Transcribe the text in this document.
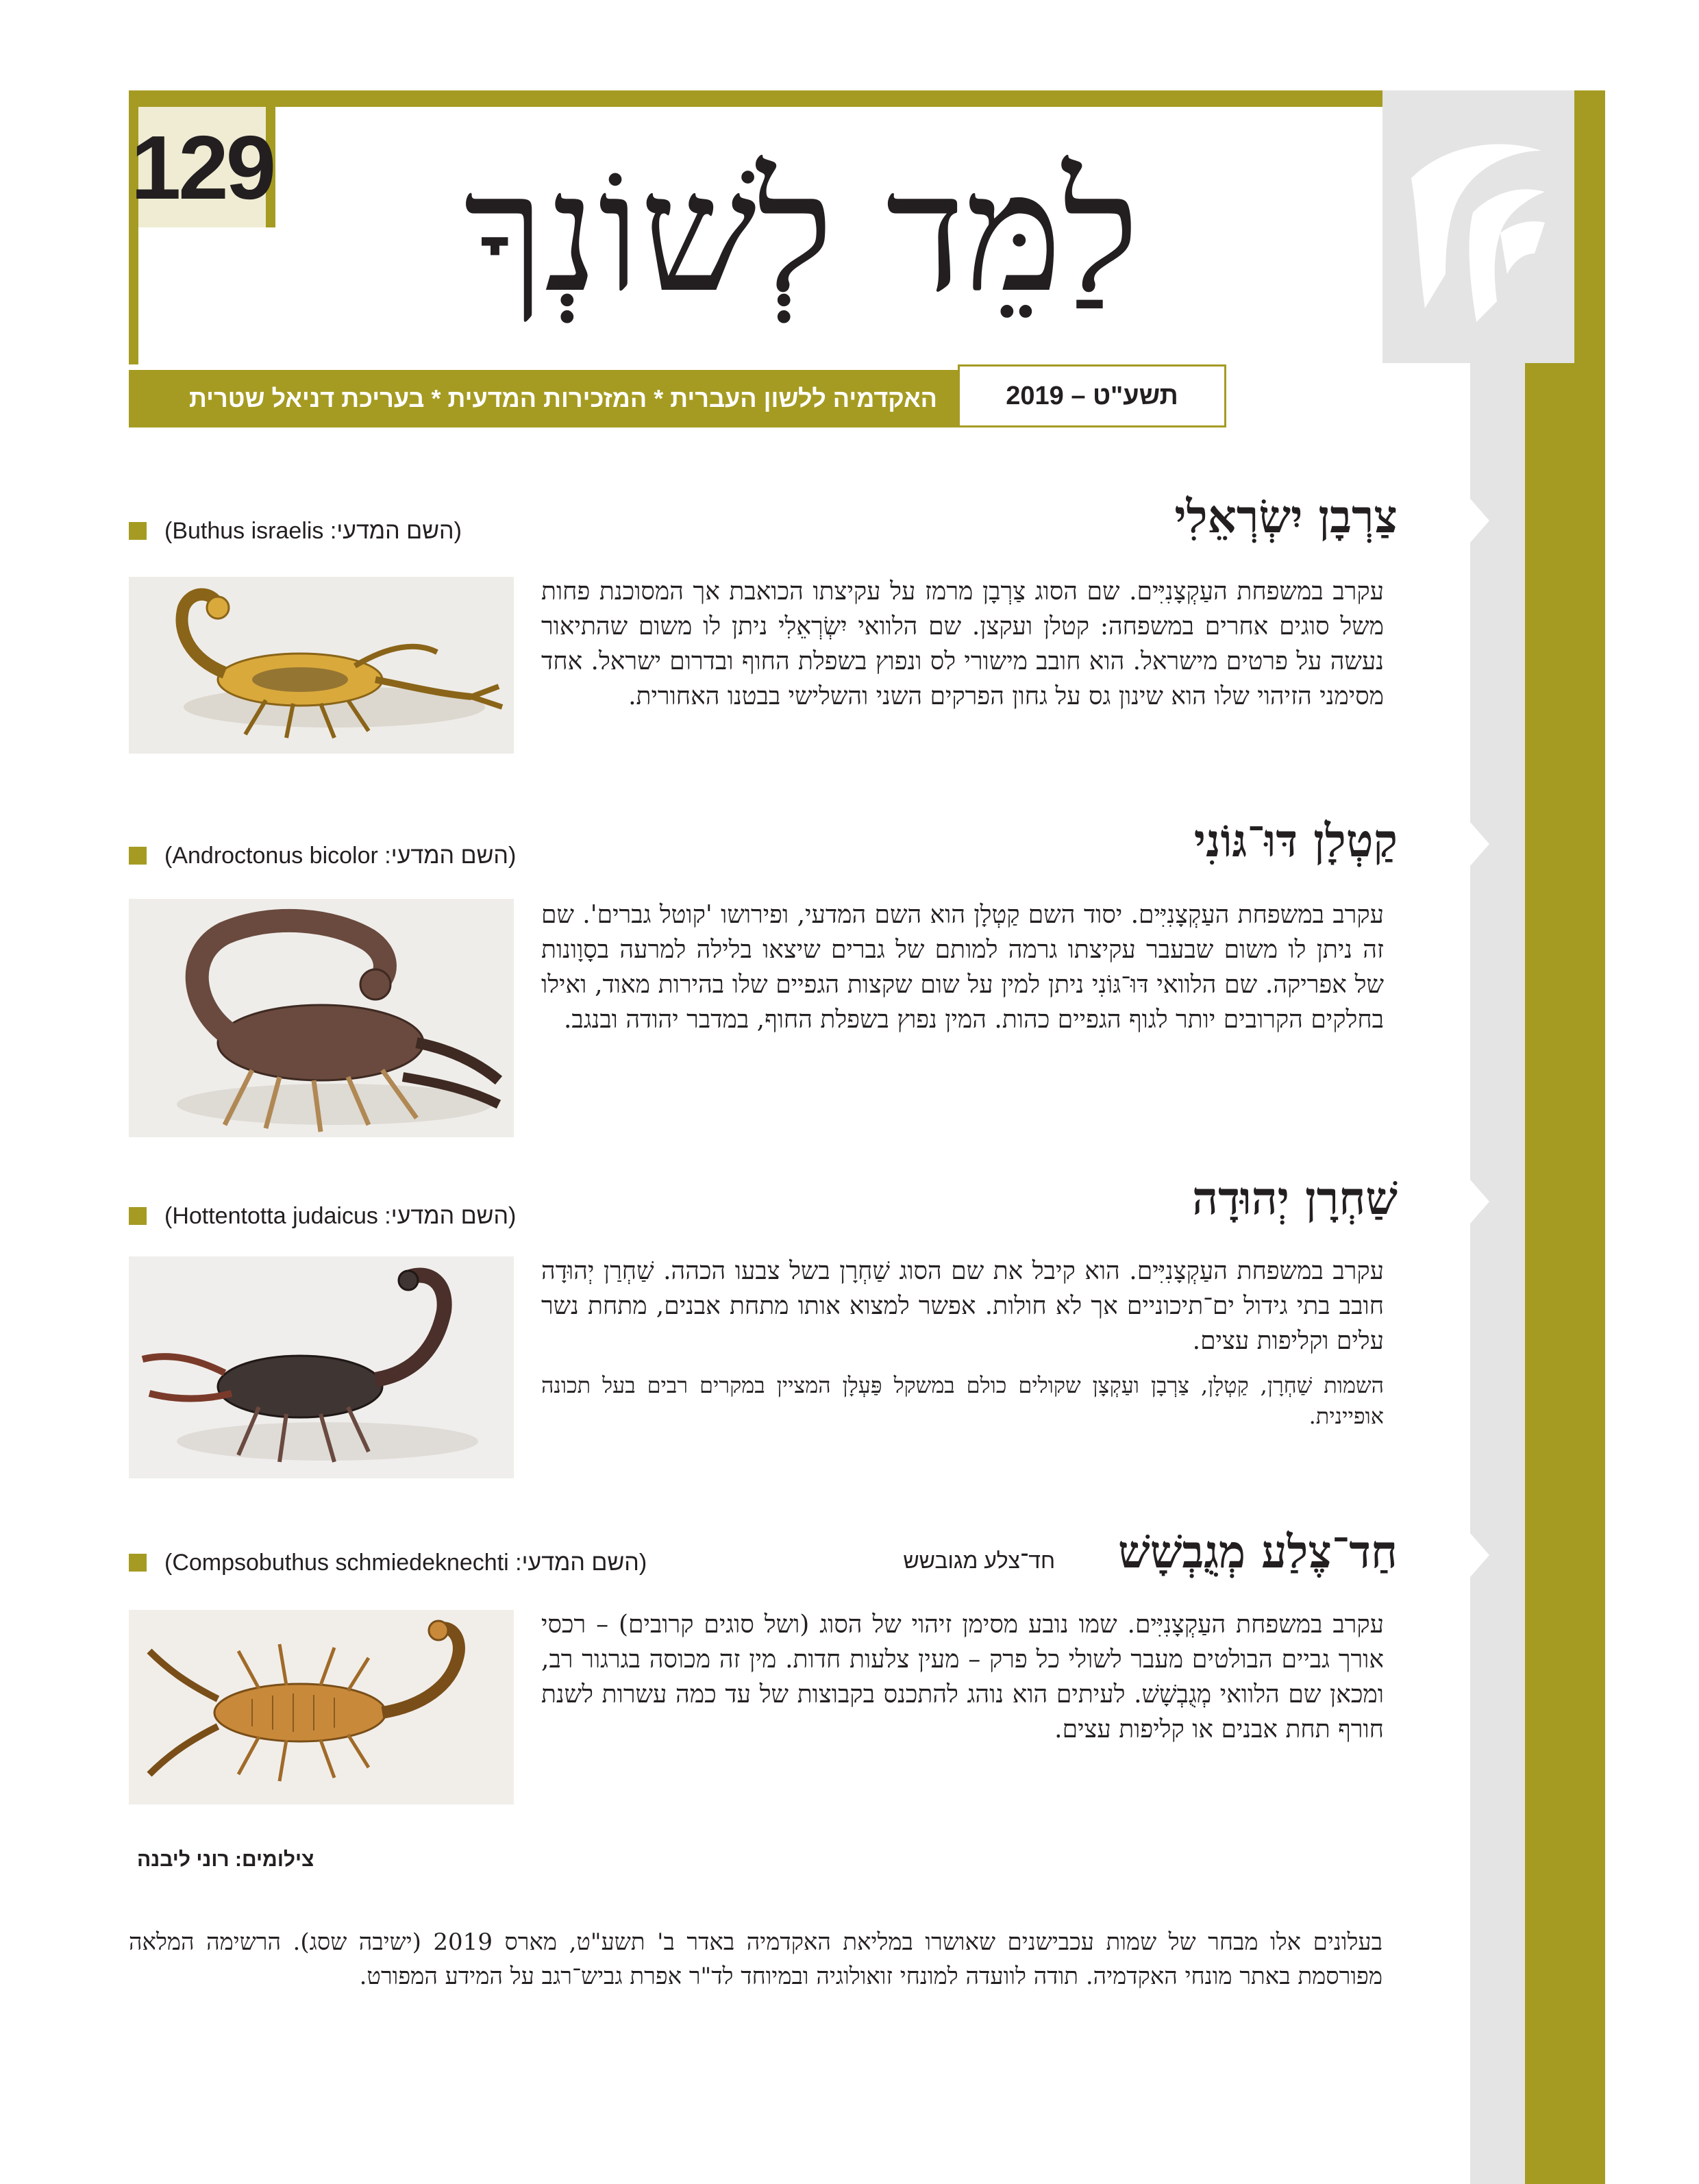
129	לַמֵּד לְשׁוֹנְךָ
האקדמיה ללשון העברית * המזכירות המדעית * בעריכת דניאל שטרית	תשע"ט – 2019
צַרְבָן יִשְׂרְאֵלִי
(השם המדעי: Buthus israelis)
עקרב במשפחת העַקְצָנִיִּים. שם הסוג צַרְבָן מרמז על עקיצתו הכואבת אך המסוכנת פחות משל סוגים אחרים במשפחה: קטלן ועקצן. שם הלוואי יִשְׂרְאֵלִי ניתן לו משום שהתיאור נעשה על פרטים מישראל. הוא חובב מישורי לס ונפוץ בשפלת החוף ובדרום ישראל. אחד מסימני הזיהוי שלו הוא שינון גס על גחון הפרקים השני והשלישי בבטנו האחורית.
קַטְלָן דּוּ־גּוֹנִי
(השם המדעי: Androctonus bicolor)
עקרב במשפחת העַקְצָנִיִּים. יסוד השם קַטְלָן הוא השם המדעי, ופירושו 'קוטל גברים'. שם זה ניתן לו משום שבעבר עקיצתו גרמה למותם של גברים שיצאו בלילה למרעה בסָוָונות של אפריקה. שם הלוואי דּוּ־גּוֹנִי ניתן למין על שום שקצות הגפיים שלו בהירות מאוד, ואילו בחלקים הקרובים יותר לגוף הגפיים כהות. המין נפוץ בשפלת החוף, במדבר יהודה ובנגב.
שַׁחְרָן יְהוּדָה
(השם המדעי: Hottentotta judaicus)
עקרב במשפחת העַקְצָנִיִּים. הוא קיבל את שם הסוג שַׁחְרָן בשל צבעו הכהה. שַׁחְרַן יְהוּדָה חובב בתי גידול ים־תיכוניים אך לא חולות. אפשר למצוא אותו מתחת אבנים, מתחת נשר עלים וקליפות עצים.
השמות שַׁחְרָן, קַטְלָן, צַרְבָן ועַקְצָן שקולים כולם במשקל פַּעְלָן המציין במקרים רבים בעל תכונה אופיינית.
חַד־צֶלַע מְגֻבְשָׁשׁ
חד־צלע מגובשש
(השם המדעי: Compsobuthus schmiedeknechti)
עקרב במשפחת העַקְצָנִיִּים. שמו נובע מסימן זיהוי של הסוג (ושל סוגים קרובים) – רכסי אורך גביים הבולטים מעבר לשולי כל פרק – מעין צלעות חדות. מין זה מכוסה בגרגור רב, ומכאן שם הלוואי מְגֻבְשָׁשׁ. לעיתים הוא נוהג להתכנס בקבוצות של עד כמה עשרות לשנת חורף תחת אבנים או קליפות עצים.
צילומים: רוני ליבנה
בעלונים אלו מבחר של שמות עכבישנים שאושרו במליאת האקדמיה באדר ב' תשע"ט, מארס 2019 (ישיבה שסג). הרשימה המלאה מפורסמת באתר מונחי האקדמיה. תודה לוועדה למונחי זואולוגיה ובמיוחד לד"ר אפרת גביש־רגב על המידע המפורט.
